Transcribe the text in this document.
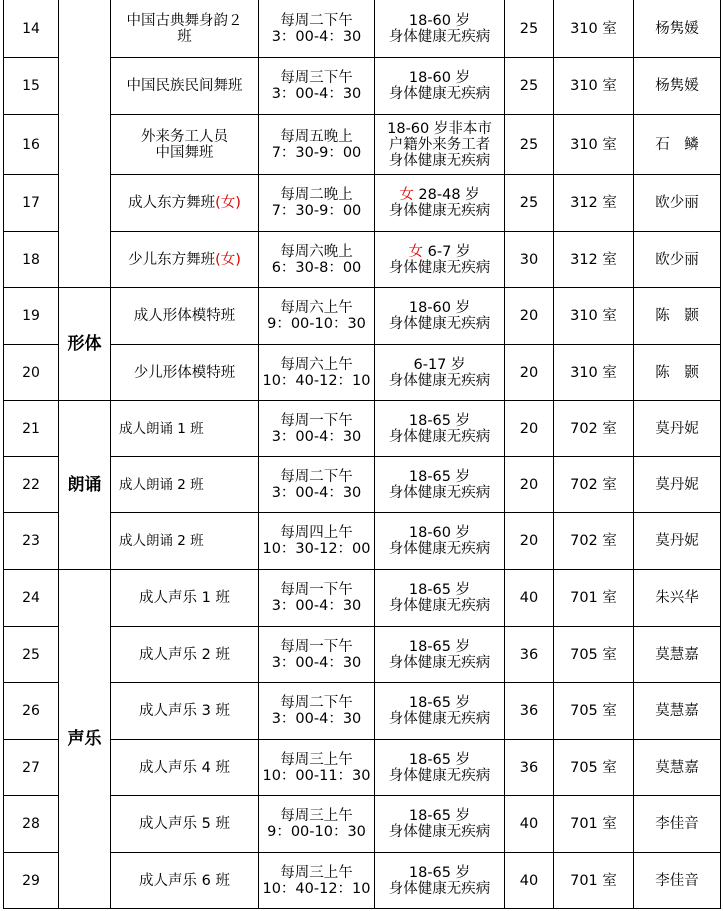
14		中国古典舞身韵２
班	每周二下午
3：00-4：30	18-60 岁
身体健康无疾病	25	310 室	杨隽媛
15		中国民族民间舞班	每周三下午
3：00-4：30	18-60 岁
身体健康无疾病	25	310 室	杨隽媛
16		外来务工人员
中国舞班	每周五晚上
7：30-9：00	18-60 岁非本市
户籍外来务工者
身体健康无疾病	25	310 室	石　鳞
17		成人东方舞班(女)	每周二晚上
7：30-9：00	女 28-48 岁
身体健康无疾病	25	312 室	欧少丽
18		少儿东方舞班(女)	每周六晚上
6：30-8：00	女 6-7 岁
身体健康无疾病	30	312 室	欧少丽
19	形体	成人形体模特班	每周六上午
9：00-10：30	18-60 岁
身体健康无疾病	20	310 室	陈　颢
20		少儿形体模特班	每周六上午
10：40-12：10	6-17 岁
身体健康无疾病	20	310 室	陈　颢
21	朗诵	成人朗诵 1 班	每周一下午
3：00-4：30	18-65 岁
身体健康无疾病	20	702 室	莫丹妮
22		成人朗诵 2 班	每周二下午
3：00-4：30	18-65 岁
身体健康无疾病	20	702 室	莫丹妮
23		成人朗诵 2 班	每周四上午
10：30-12：00	18-60 岁
身体健康无疾病	20	702 室	莫丹妮
24	声乐	成人声乐 1 班	每周一下午
3：00-4：30	18-65 岁
身体健康无疾病	40	701 室	朱兴华
25		成人声乐 2 班	每周一下午
3：00-4：30	18-65 岁
身体健康无疾病	36	705 室	莫慧嘉
26		成人声乐 3 班	每周二下午
3：00-4：30	18-65 岁
身体健康无疾病	36	705 室	莫慧嘉
27		成人声乐 4 班	每周三上午
10：00-11：30	18-65 岁
身体健康无疾病	36	705 室	莫慧嘉
28		成人声乐 5 班	每周三上午
9：00-10：30	18-65 岁
身体健康无疾病	40	701 室	李佳音
29		成人声乐 6 班	每周三上午
10：40-12：10	18-65 岁
身体健康无疾病	40	701 室	李佳音
